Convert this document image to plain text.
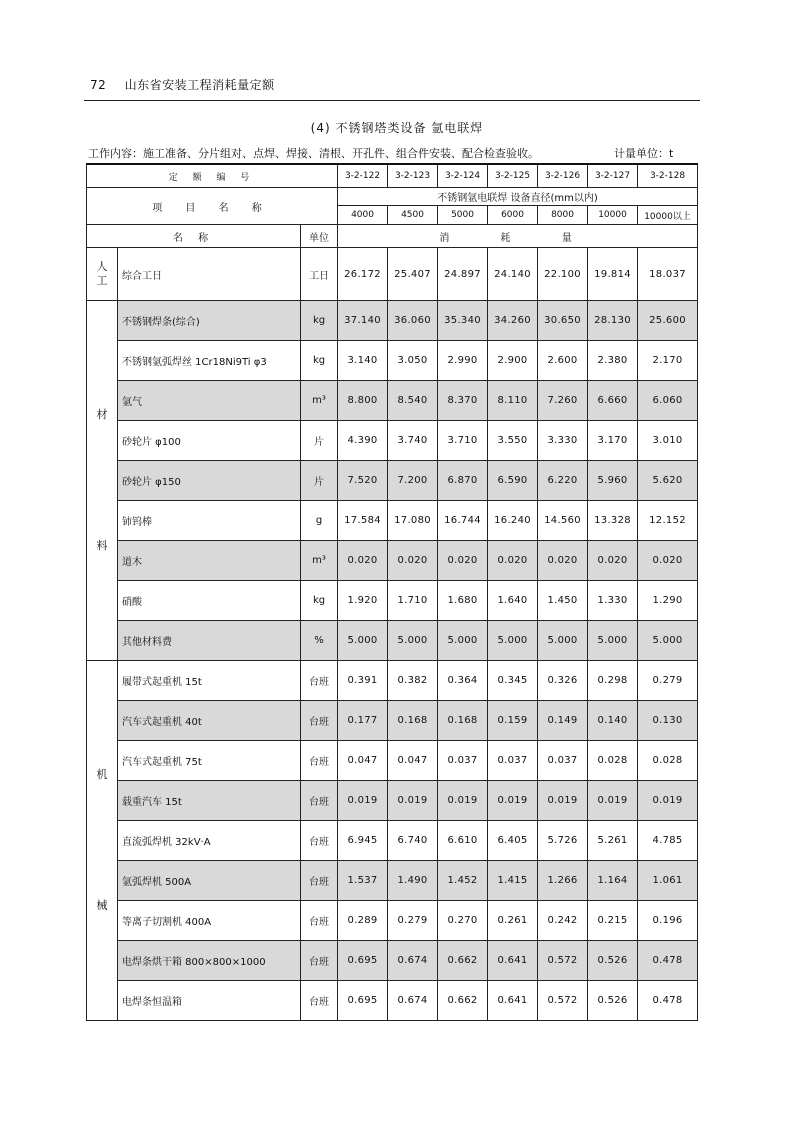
72 山东省安装工程消耗量定额
(4) 不锈钢塔类设备 氩电联焊
工作内容：施工准备、分片组对、点焊、焊接、清根、开孔件、组合件安装、配合检查验收。	计量单位：t
定 额 编 号			3-2-122	3-2-123	3-2-124	3-2-125	3-2-126	3-2-127	3-2-128
项 目 名 称			不锈钢氩电联焊 设备直径(mm以内)						
			4000	4500	5000	6000	8000	10000	10000以上
名 称		单位	消 耗 量						

人
工	综合工日	工日	26.172	25.407	24.897	24.140	22.100	19.814	18.037

材
料	不锈钢焊条(综合)	kg	37.140	36.060	35.340	34.260	30.650	28.130	25.600
	不锈钢氩弧焊丝 1Cr18Ni9Ti φ3	kg	3.140	3.050	2.990	2.900	2.600	2.380	2.170
	氩气	m³	8.800	8.540	8.370	8.110	7.260	6.660	6.060
	砂轮片 φ100	片	4.390	3.740	3.710	3.550	3.330	3.170	3.010
	砂轮片 φ150	片	7.520	7.200	6.870	6.590	6.220	5.960	5.620
	铈钨棒	g	17.584	17.080	16.744	16.240	14.560	13.328	12.152
	道木	m³	0.020	0.020	0.020	0.020	0.020	0.020	0.020
	硝酸	kg	1.920	1.710	1.680	1.640	1.450	1.330	1.290
	其他材料费	%	5.000	5.000	5.000	5.000	5.000	5.000	5.000

机
械	履带式起重机 15t	台班	0.391	0.382	0.364	0.345	0.326	0.298	0.279
	汽车式起重机 40t	台班	0.177	0.168	0.168	0.159	0.149	0.140	0.130
	汽车式起重机 75t	台班	0.047	0.047	0.037	0.037	0.037	0.028	0.028
	载重汽车 15t	台班	0.019	0.019	0.019	0.019	0.019	0.019	0.019
	直流弧焊机 32kV·A	台班	6.945	6.740	6.610	6.405	5.726	5.261	4.785
	氩弧焊机 500A	台班	1.537	1.490	1.452	1.415	1.266	1.164	1.061
	等离子切割机 400A	台班	0.289	0.279	0.270	0.261	0.242	0.215	0.196
	电焊条烘干箱 800×800×1000	台班	0.695	0.674	0.662	0.641	0.572	0.526	0.478
	电焊条恒温箱	台班	0.695	0.674	0.662	0.641	0.572	0.526	0.478
